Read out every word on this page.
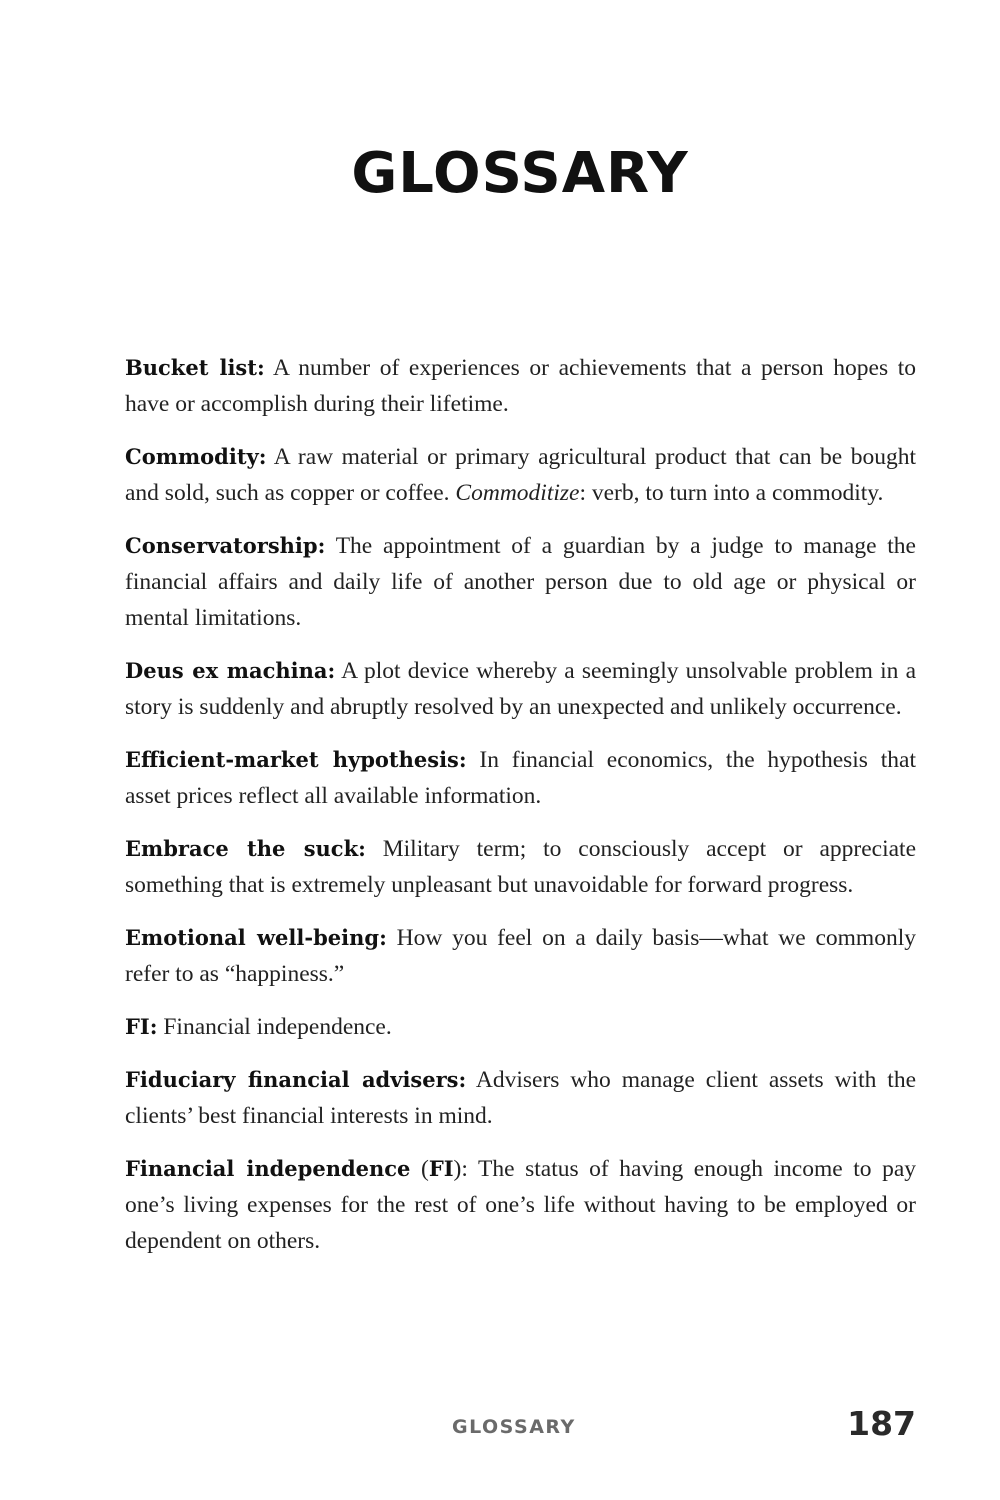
GLOSSARY

Bucket list: A number of experiences or achievements that a person hopes to have or accomplish during their lifetime.

Commodity: A raw material or primary agricultural product that can be bought and sold, such as copper or coffee. Commoditize: verb, to turn into a commodity.

Conservatorship: The appointment of a guardian by a judge to manage the financial affairs and daily life of another person due to old age or physical or mental limitations.

Deus ex machina: A plot device whereby a seemingly unsolvable problem in a story is suddenly and abruptly resolved by an unexpected and unlikely occurrence.

Efficient-market hypothesis: In financial economics, the hypothesis that asset prices reflect all available information.

Embrace the suck: Military term; to consciously accept or appreciate something that is extremely unpleasant but unavoidable for forward progress.

Emotional well-being: How you feel on a daily basis—what we commonly refer to as “happiness.”

FI: Financial independence.

Fiduciary financial advisers: Advisers who manage client assets with the clients’ best financial interests in mind.

Financial independence (FI): The status of having enough income to pay one’s living expenses for the rest of one’s life without having to be employed or dependent on others.

GLOSSARY	187
